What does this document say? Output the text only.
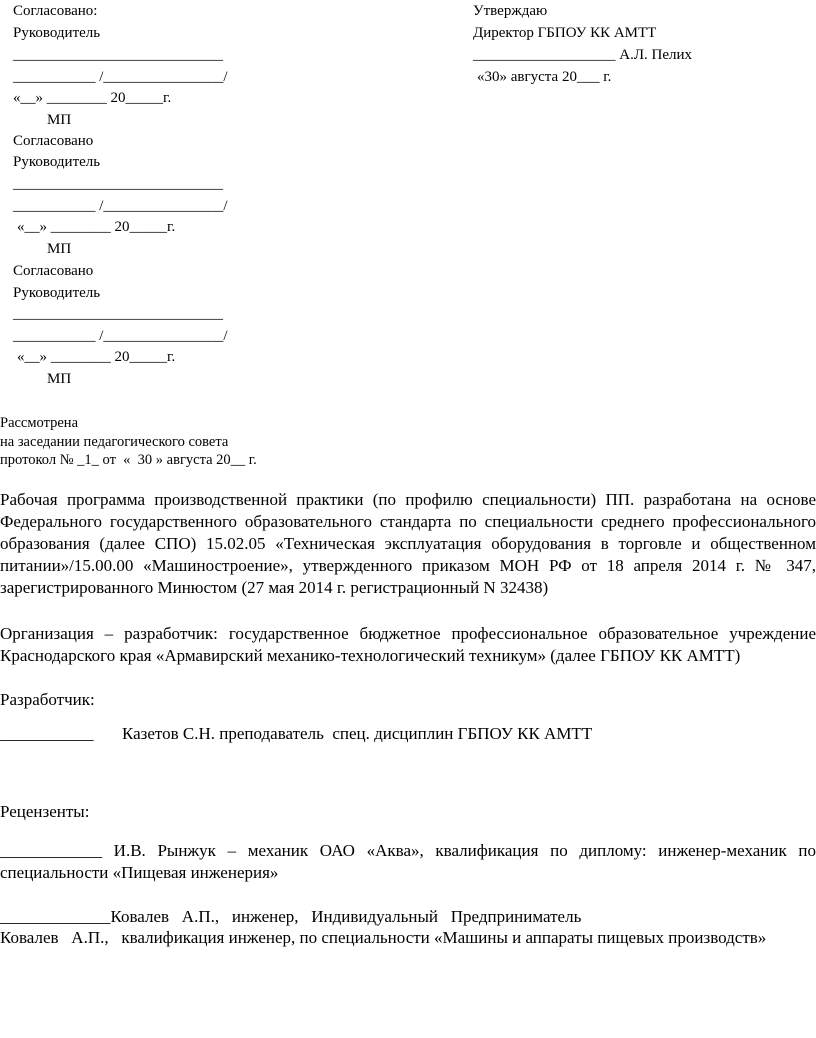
Согласовано:
Руководитель
____________________________
___________ /________________/
«__» ________ 20_____г.
МП
Согласовано
Руководитель
____________________________
___________ /________________/
«__» ________ 20_____г.
МП
Согласовано
Руководитель
____________________________
___________ /________________/
«__» ________ 20_____г.
МП
Утверждаю
Директор ГБПОУ КК АМТТ
___________________ А.Л. Пелих
«30» августа 20___ г.
Рассмотрена
на заседании педагогического совета
протокол № _1_ от  «  30 » августа 20__ г.
Рабочая программа производственной практики (по профилю специальности) ПП. разработана на основе Федерального государственного образовательного стандарта по специальности среднего профессионального образования (далее СПО) 15.02.05 «Техническая эксплуатация оборудования в торговле и общественном питании»/15.00.00 «Машиностроение», утвержденного приказом МОН РФ от 18 апреля 2014 г. № 347, зарегистрированного Минюстом (27 мая 2014 г. регистрационный N 32438)
Организация – разработчик: государственное бюджетное профессиональное образовательное учреждение Краснодарского края «Армавирский механико-технологический техникум» (далее ГБПОУ КК АМТТ)
Разработчик:
___________ Казетов С.Н. преподаватель  спец. дисциплин ГБПОУ КК АМТТ
Рецензенты:
____________ И.В. Рынжук – механик ОАО «Аква», квалификация по диплому: инженер-механик по специальности «Пищевая инженерия»
_____________Ковалев   А.П.,   инженер,   Индивидуальный   Предприниматель
Ковалев   А.П.,   квалификация инженер, по специальности «Машины и аппараты пищевых производств»
